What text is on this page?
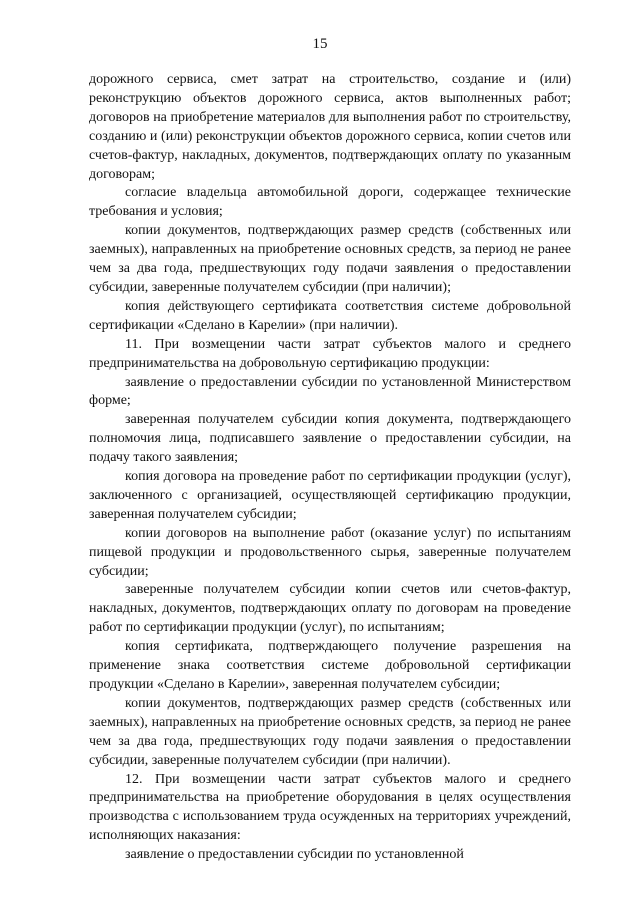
15

дорожного сервиса, смет затрат на строительство, создание и (или) реконструкцию объектов дорожного сервиса, актов выполненных работ; договоров на приобретение материалов для выполнения работ по строительству, созданию и (или) реконструкции объектов дорожного сервиса, копии счетов или счетов-фактур, накладных, документов, подтверждающих оплату по указанным договорам;

согласие владельца автомобильной дороги, содержащее технические требования и условия;

копии документов, подтверждающих размер средств (собственных или заемных), направленных на приобретение основных средств, за период не ранее чем за два года, предшествующих году подачи заявления о предоставлении субсидии, заверенные получателем субсидии (при наличии);

копия действующего сертификата соответствия системе добровольной сертификации «Сделано в Карелии» (при наличии).

11. При возмещении части затрат субъектов малого и среднего предпринимательства на добровольную сертификацию продукции:

заявление о предоставлении субсидии по установленной Министерством форме;

заверенная получателем субсидии копия документа, подтверждающего полномочия лица, подписавшего заявление о предоставлении субсидии, на подачу такого заявления;

копия договора на проведение работ по сертификации продукции (услуг), заключенного с организацией, осуществляющей сертификацию продукции, заверенная получателем субсидии;

копии договоров на выполнение работ (оказание услуг) по испытаниям пищевой продукции и продовольственного сырья, заверенные получателем субсидии;

заверенные получателем субсидии копии счетов или счетов-фактур, накладных, документов, подтверждающих оплату по договорам на проведение работ по сертификации продукции (услуг), по испытаниям;

копия сертификата, подтверждающего получение разрешения на применение знака соответствия системе добровольной сертификации продукции «Сделано в Карелии», заверенная получателем субсидии;

копии документов, подтверждающих размер средств (собственных или заемных), направленных на приобретение основных средств, за период не ранее чем за два года, предшествующих году подачи заявления о предоставлении субсидии, заверенные получателем субсидии (при наличии).

12. При возмещении части затрат субъектов малого и среднего предпринимательства на приобретение оборудования в целях осуществления производства с использованием труда осужденных на территориях учреждений, исполняющих наказания:

заявление о предоставлении субсидии по установленной
